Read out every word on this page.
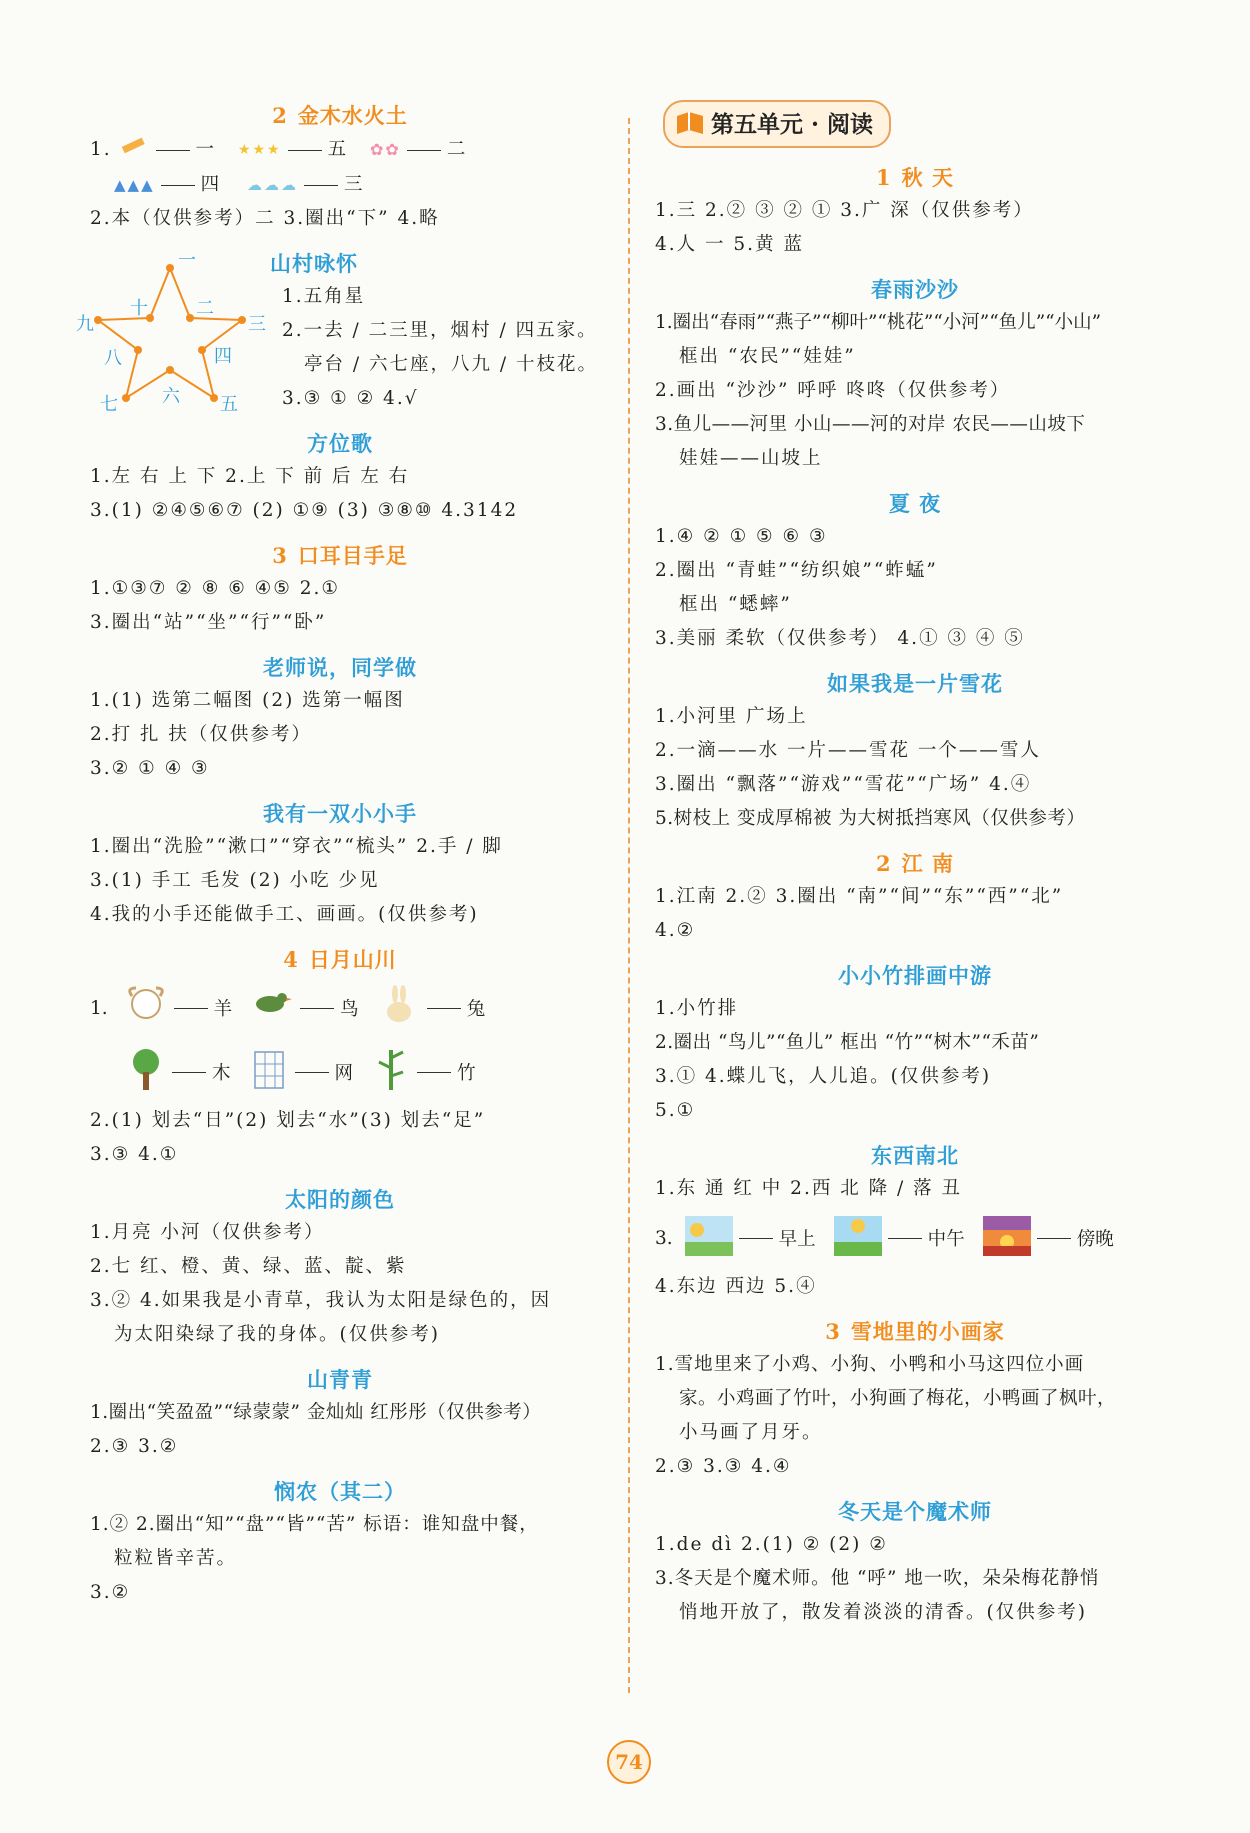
2 金木水火土
1.	一 ★★★ 五 ✿✿ 二
▲▲▲ 四 ☁☁☁ 三
2.本（仅供参考）二 3.圈出“下” 4.略
一
二
三
四
五
六
七
八
九
十
山村咏怀
1.五角星
2.一去 / 二三里，烟村 / 四五家。
亭台 / 六七座，八九 / 十枝花。
3.③ ① ② 4.√
方位歌
1.左 右 上 下 2.上 下 前 后 左 右
3.(1) ②④⑤⑥⑦ (2) ①⑨ (3) ③⑧⑩ 4.3142
3 口耳目手足
1.①③⑦ ② ⑧ ⑥ ④⑤ 2.①
3.圈出“站”“坐”“行”“卧”
老师说，同学做
1.(1) 选第二幅图 (2) 选第一幅图
2.打 扎 扶（仅供参考）
3.② ① ④ ③
我有一双小小手
1.圈出“洗脸”“漱口”“穿衣”“梳头” 2.手 / 脚
3.(1) 手工 毛发 (2) 小吃 少见
4.我的小手还能做手工、画画。(仅供参考)
4 日月山川
1.	羊	鸟	兔
木	网	竹
2.(1) 划去“日”(2) 划去“水”(3) 划去“足”
3.③ 4.①
太阳的颜色
1.月亮 小河（仅供参考）
2.七 红、橙、黄、绿、蓝、靛、紫
3.② 4.如果我是小青草，我认为太阳是绿色的，因
为太阳染绿了我的身体。(仅供参考)
山青青
1.圈出“笑盈盈”“绿蒙蒙” 金灿灿 红彤彤（仅供参考）
2.③ 3.②
悯农（其二）
1.② 2.圈出“知”“盘”“皆”“苦” 标语：谁知盘中餐，
粒粒皆辛苦。
3.②
第五单元 · 阅读
1 秋 天
1.三 2.② ③ ② ① 3.广 深（仅供参考）
4.人 一 5.黄 蓝
春雨沙沙
1.圈出“春雨”“燕子”“柳叶”“桃花”“小河”“鱼儿”“小山”
框出 “农民”“娃娃”
2.画出 “沙沙” 呼呼 咚咚（仅供参考）
3.鱼儿——河里 小山——河的对岸 农民——山坡下
娃娃——山坡上
夏 夜
1.④ ② ① ⑤ ⑥ ③
2.圈出 “青蛙”“纺织娘”“蚱蜢”
框出 “蟋蟀”
3.美丽 柔软（仅供参考） 4.① ③ ④ ⑤
如果我是一片雪花
1.小河里 广场上
2.一滴——水 一片——雪花 一个——雪人
3.圈出 “飘落”“游戏”“雪花”“广场” 4.④
5.树枝上 变成厚棉被 为大树抵挡寒风（仅供参考）
2 江 南
1.江南 2.② 3.圈出 “南”“间”“东”“西”“北”
4.②
小小竹排画中游
1.小竹排
2.圈出 “鸟儿”“鱼儿” 框出 “竹”“树木”“禾苗”
3.① 4.蝶儿飞，人儿追。(仅供参考)
5.①
东西南北
1.东 通 红 中 2.西 北 降 / 落 丑
3.	早上	中午	傍晚
4.东边 西边 5.④
3 雪地里的小画家
1.雪地里来了小鸡、小狗、小鸭和小马这四位小画
家。小鸡画了竹叶，小狗画了梅花，小鸭画了枫叶，
小马画了月牙。
2.③ 3.③ 4.④
冬天是个魔术师
1.de dì 2.(1) ② (2) ②
3.冬天是个魔术师。他 “呼” 地一吹，朵朵梅花静悄
悄地开放了，散发着淡淡的清香。(仅供参考)
74
